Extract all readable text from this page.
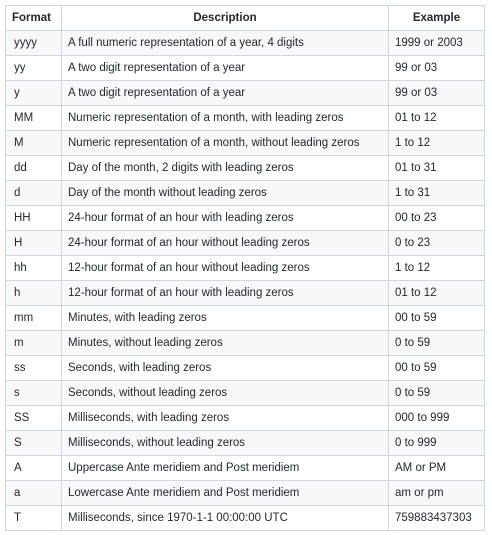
Format	Description	Example
yyyy	A full numeric representation of a year, 4 digits	1999 or 2003
yy	A two digit representation of a year	99 or 03
y	A two digit representation of a year	99 or 03
MM	Numeric representation of a month, with leading zeros	01 to 12
M	Numeric representation of a month, without leading zeros	1 to 12
dd	Day of the month, 2 digits with leading zeros	01 to 31
d	Day of the month without leading zeros	1 to 31
HH	24-hour format of an hour with leading zeros	00 to 23
H	24-hour format of an hour without leading zeros	0 to 23
hh	12-hour format of an hour without leading zeros	1 to 12
h	12-hour format of an hour with leading zeros	01 to 12
mm	Minutes, with leading zeros	00 to 59
m	Minutes, without leading zeros	0 to 59
ss	Seconds, with leading zeros	00 to 59
s	Seconds, without leading zeros	0 to 59
SS	Milliseconds, with leading zeros	000 to 999
S	Milliseconds, without leading zeros	0 to 999
A	Uppercase Ante meridiem and Post meridiem	AM or PM
a	Lowercase Ante meridiem and Post meridiem	am or pm
T	Milliseconds, since 1970-1-1 00:00:00 UTC	759883437303
